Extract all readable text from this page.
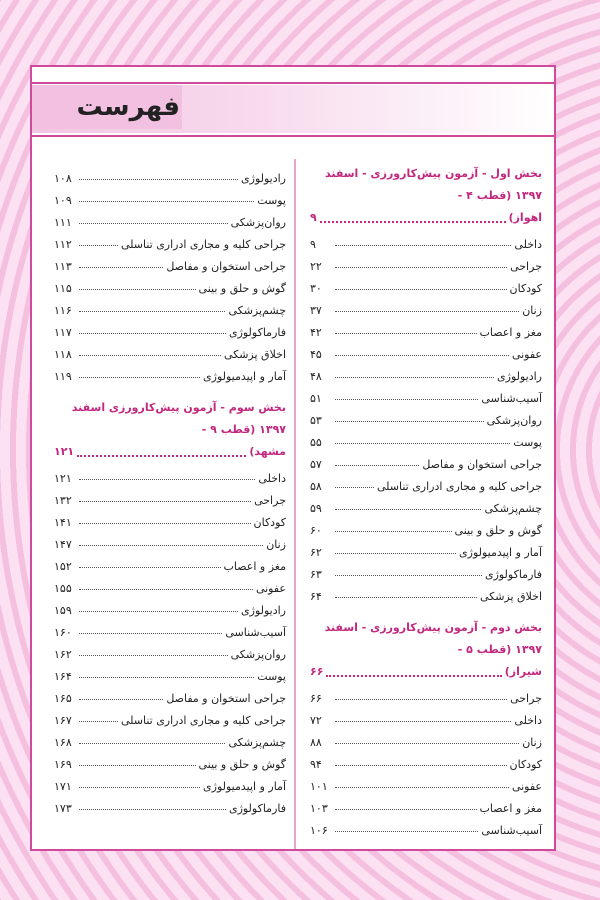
فهرست
بخش اول - آزمون پیش‌کارورزی - اسفند ۱۳۹۷ (قطب ۴ -
اهواز)
۹
داخلی
۹
جراحی
۲۲
کودکان
۳۰
زنان
۳۷
مغز و اعصاب
۴۲
عفونی
۴۵
رادیولوژی
۴۸
آسیب‌شناسی
۵۱
روان‌پزشکی
۵۳
پوست
۵۵
جراحی استخوان و مفاصل
۵۷
جراحی کلیه و مجاری ادراری تناسلی
۵۸
چشم‌پزشکی
۵۹
گوش و حلق و بینی
۶۰
آمار و اپیدمیولوژی
۶۲
فارماکولوژی
۶۳
اخلاق پزشکی
۶۴
بخش دوم - آزمون پیش‌کارورزی - اسفند ۱۳۹۷ (قطب ۵ -
شیراز)
۶۶
جراحی
۶۶
داخلی
۷۲
زنان
۸۸
کودکان
۹۴
عفونی
۱۰۱
مغز و اعصاب
۱۰۳
آسیب‌شناسی
۱۰۶
رادیولوژی
۱۰۸
پوست
۱۰۹
روان‌پزشکی
۱۱۱
جراحی کلیه و مجاری ادراری تناسلی
۱۱۲
جراحی استخوان و مفاصل
۱۱۳
گوش و حلق و بینی
۱۱۵
چشم‌پزشکی
۱۱۶
فارماکولوژی
۱۱۷
اخلاق پزشکی
۱۱۸
آمار و اپیدمیولوژی
۱۱۹
بخش سوم - آزمون پیش‌کارورزی اسفند ۱۳۹۷ (قطب ۹ -
مشهد)
۱۲۱
داخلی
۱۲۱
جراحی
۱۳۲
کودکان
۱۴۱
زنان
۱۴۷
مغز و اعصاب
۱۵۲
عفونی
۱۵۵
رادیولوژی
۱۵۹
آسیب‌شناسی
۱۶۰
روان‌پزشکی
۱۶۲
پوست
۱۶۴
جراحی استخوان و مفاصل
۱۶۵
جراحی کلیه و مجاری ادراری تناسلی
۱۶۷
چشم‌پزشکی
۱۶۸
گوش و حلق و بینی
۱۶۹
آمار و اپیدمیولوژی
۱۷۱
فارماکولوژی
۱۷۳
